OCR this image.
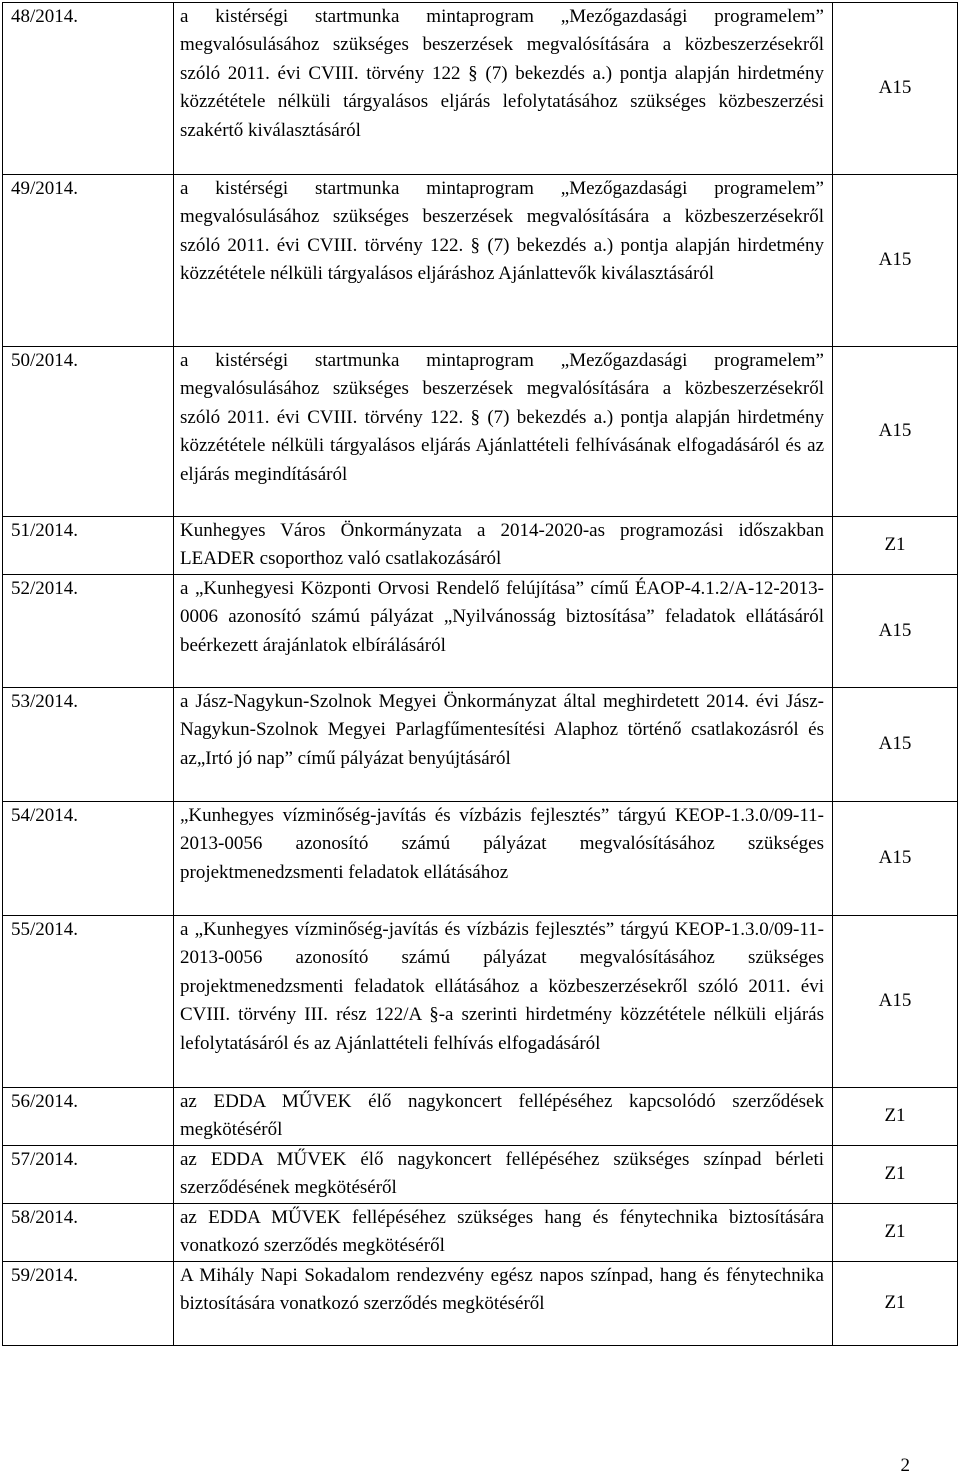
48/2014.	a kistérségi startmunka mintaprogram „Mezőgazdasági programelem” megvalósulásához szükséges beszerzések megvalósítására a közbeszerzésekről szóló 2011. évi CVIII. törvény 122 § (7) bekezdés a.) pontja alapján hirdetmény közzététele nélküli tárgyalásos eljárás lefolytatásához szükséges közbeszerzési szakértő kiválasztásáról	A15
49/2014.	a kistérségi startmunka mintaprogram „Mezőgazdasági programelem” megvalósulásához szükséges beszerzések megvalósítására a közbeszerzésekről szóló 2011. évi CVIII. törvény 122. § (7) bekezdés a.) pontja alapján hirdetmény közzététele nélküli tárgyalásos eljáráshoz Ajánlattevők kiválasztásáról	A15
50/2014.	a kistérségi startmunka mintaprogram „Mezőgazdasági programelem” megvalósulásához szükséges beszerzések megvalósítására a közbeszerzésekről szóló 2011. évi CVIII. törvény 122. § (7) bekezdés a.) pontja alapján hirdetmény közzététele nélküli tárgyalásos eljárás Ajánlattételi felhívásának elfogadásáról és az eljárás megindításáról	A15
51/2014.	Kunhegyes Város Önkormányzata a 2014-2020-as programozási időszakban LEADER csoporthoz való csatlakozásáról	Z1
52/2014.	a „Kunhegyesi Központi Orvosi Rendelő felújítása” című ÉAOP-4.1.2/A-12-2013-0006 azonosító számú pályázat „Nyilvánosság biztosítása” feladatok ellátásáról beérkezett árajánlatok elbírálásáról	A15
53/2014.	a Jász-Nagykun-Szolnok Megyei Önkormányzat által meghirdetett 2014. évi Jász-Nagykun-Szolnok Megyei Parlagfűmentesítési Alaphoz történő csatlakozásról és az„Irtó jó nap” című pályázat benyújtásáról	A15
54/2014.	„Kunhegyes vízminőség-javítás és vízbázis fejlesztés” tárgyú KEOP-1.3.0/09-11-2013-0056 azonosító számú pályázat megvalósításához szükséges projektmenedzsmenti feladatok ellátásához	A15
55/2014.	a „Kunhegyes vízminőség-javítás és vízbázis fejlesztés” tárgyú KEOP-1.3.0/09-11-2013-0056 azonosító számú pályázat megvalósításához szükséges projektmenedzsmenti feladatok ellátásához a közbeszerzésekről szóló 2011. évi CVIII. törvény III. rész 122/A §-a szerinti hirdetmény közzététele nélküli eljárás lefolytatásáról és az Ajánlattételi felhívás elfogadásáról	A15
56/2014.	az EDDA MŰVEK élő nagykoncert fellépéséhez kapcsolódó szerződések megkötéséről	Z1
57/2014.	az EDDA MŰVEK élő nagykoncert fellépéséhez szükséges színpad bérleti szerződésének megkötéséről	Z1
58/2014.	az EDDA MŰVEK fellépéséhez szükséges hang és fénytechnika biztosítására vonatkozó szerződés megkötéséről	Z1
59/2014.	A Mihály Napi Sokadalom rendezvény egész napos színpad, hang és fénytechnika biztosítására vonatkozó szerződés megkötéséről	Z1
2
